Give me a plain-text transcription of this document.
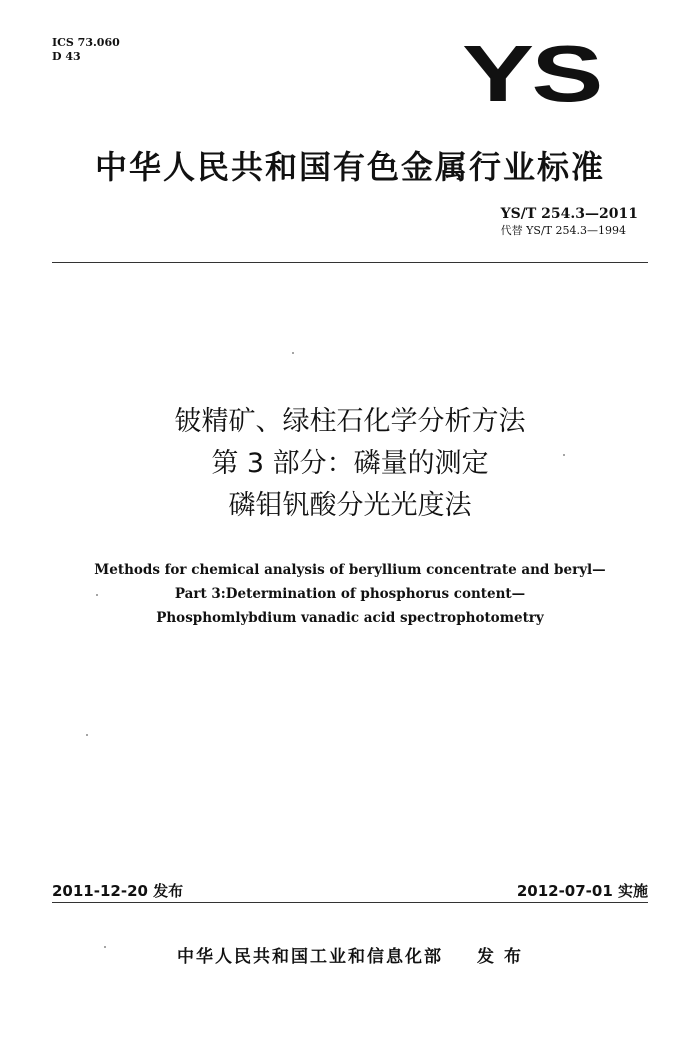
ICS 73.060
D 43	YS
中华人民共和国有色金属行业标准
YS/T 254.3—2011
代替 YS/T 254.3—1994
铍精矿、绿柱石化学分析方法
第 3 部分：磷量的测定
磷钼钒酸分光光度法
Methods for chemical analysis of beryllium concentrate and beryl—
Part 3:Determination of phosphorus content—
Phosphomlybdium vanadic acid spectrophotometry
2011-12-20 发布	2012-07-01 实施
中华人民共和国工业和信息化部 发 布
